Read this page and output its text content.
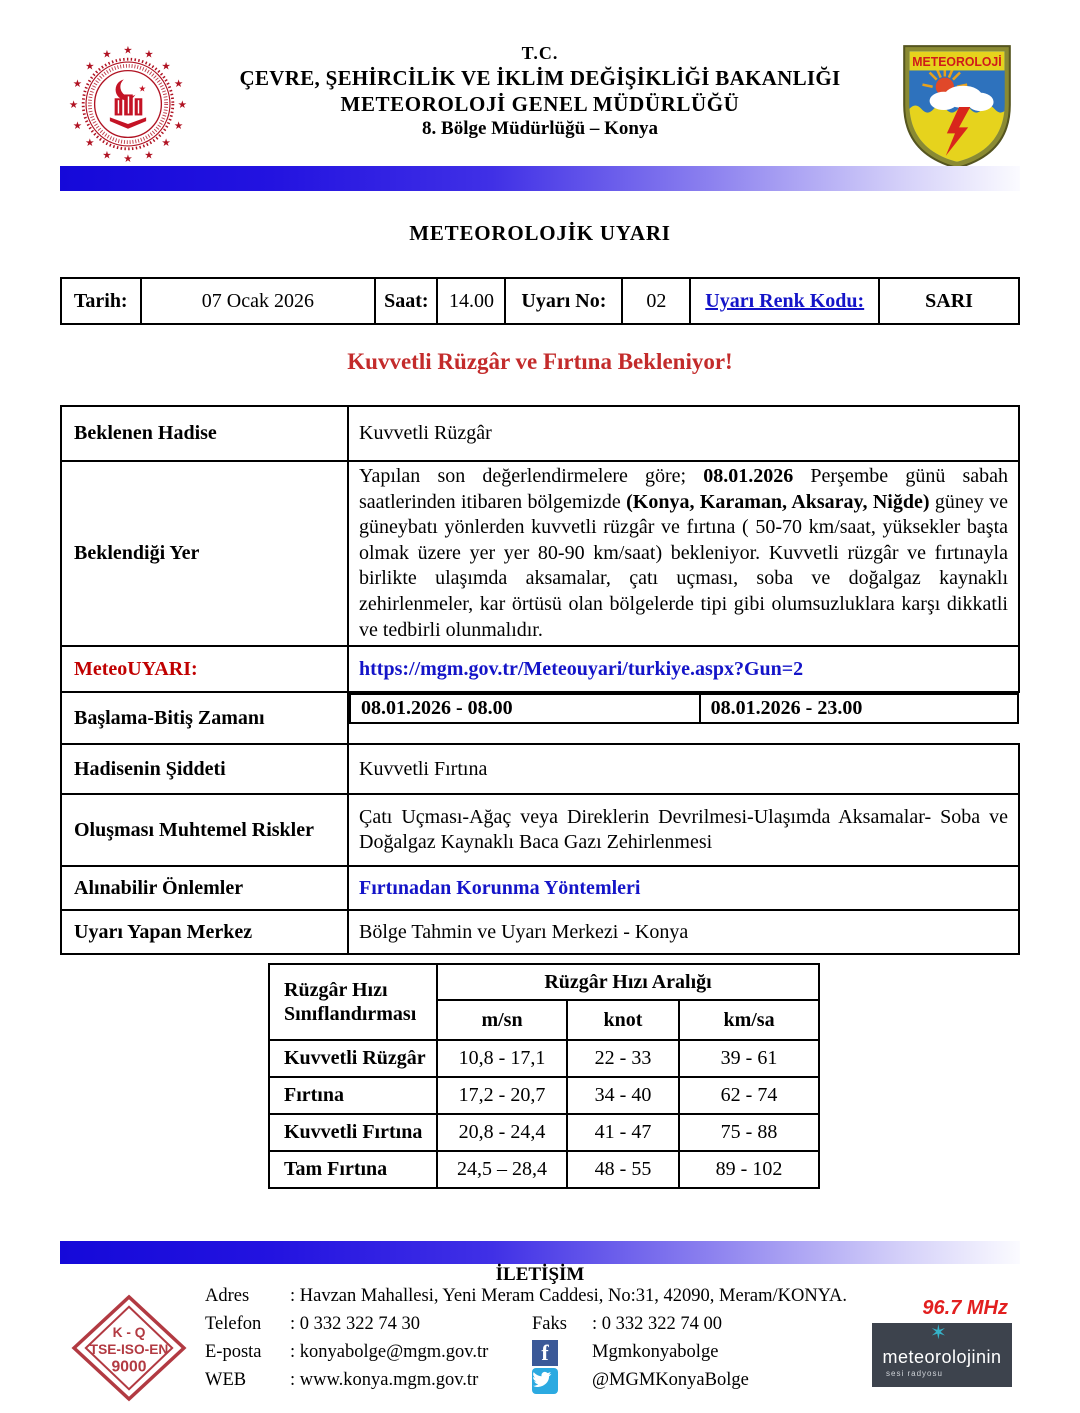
★
★
★
★
★
★
★
★
★
★
★
★ ★ ★
★
★
★
T.C.
ÇEVRE, ŞEHİRCİLİK VE İKLİM DEĞİŞİKLİĞİ BAKANLIĞI
METEOROLOJİ GENEL MÜDÜRLÜĞÜ
8. Bölge Müdürlüğü – Konya
METEOROLOJİ
METEOROLOJİK UYARI
Tarih:	07 Ocak 2026	Saat:	14.00	Uyarı No:	02	Uyarı Renk Kodu:	SARI
Kuvvetli Rüzgâr ve Fırtına Bekleniyor!
Beklenen Hadise	Kuvvetli Rüzgâr
Beklendiği Yer	Yapılan son değerlendirmelere göre; 08.01.2026 Perşembe günü sabah saatlerinden itibaren bölgemizde (Konya, Karaman, Aksaray, Niğde) güney ve güneybatı yönlerden kuvvetli rüzgâr ve fırtına ( 50-70 km/saat, yüksekler başta olmak üzere yer yer 80-90 km/saat) bekleniyor. Kuvvetli rüzgâr ve fırtınayla birlikte ulaşımda aksamalar, çatı uçması, soba ve doğalgaz kaynaklı zehirlenmeler, kar örtüsü olan bölgelerde tipi gibi olumsuzluklara karşı dikkatli ve tedbirli olunmalıdır.
MeteoUYARI:	https://mgm.gov.tr/Meteouyari/turkiye.aspx?Gun=2
Başlama-Bitiş Zamanı		08.01.2026 - 08.00	08.01.2026 - 23.00

Hadisenin Şiddeti	Kuvvetli Fırtına
Oluşması Muhtemel Riskler	Çatı Uçması-Ağaç veya Direklerin Devrilmesi-Ulaşımda Aksamalar- Soba ve Doğalgaz Kaynaklı Baca Gazı Zehirlenmesi
Alınabilir Önlemler	Fırtınadan Korunma Yöntemleri
Uyarı Yapan Merkez	Bölge Tahmin ve Uyarı Merkezi - Konya
Rüzgâr Hızı
Sınıflandırması	Rüzgâr Hızı Aralığı		
	m/sn	knot	km/sa
Kuvvetli Rüzgâr	10,8 - 17,1	22 - 33	39 - 61
Fırtına	17,2 - 20,7	34 - 40	62 - 74
Kuvvetli Fırtına	20,8 - 24,4	41 - 47	75 - 88
Tam Fırtına	24,5 – 28,4	48 - 55	89 - 102
İLETİŞİM
K - Q
TSE-ISO-EN
9000
Adres : Havzan Mahallesi, Yeni Meram Caddesi, No:31, 42090, Meram/KONYA.
Telefon : 0 332 322 74 30	Faks : 0 332 322 74 00
E-posta : konyabolge@mgm.gov.tr	f	Mgmkonyabolge
WEB : www.konya.mgm.gov.tr	@MGMKonyaBolge
96.7 MHz
✶
meteorolojinin
sesi radyosu
